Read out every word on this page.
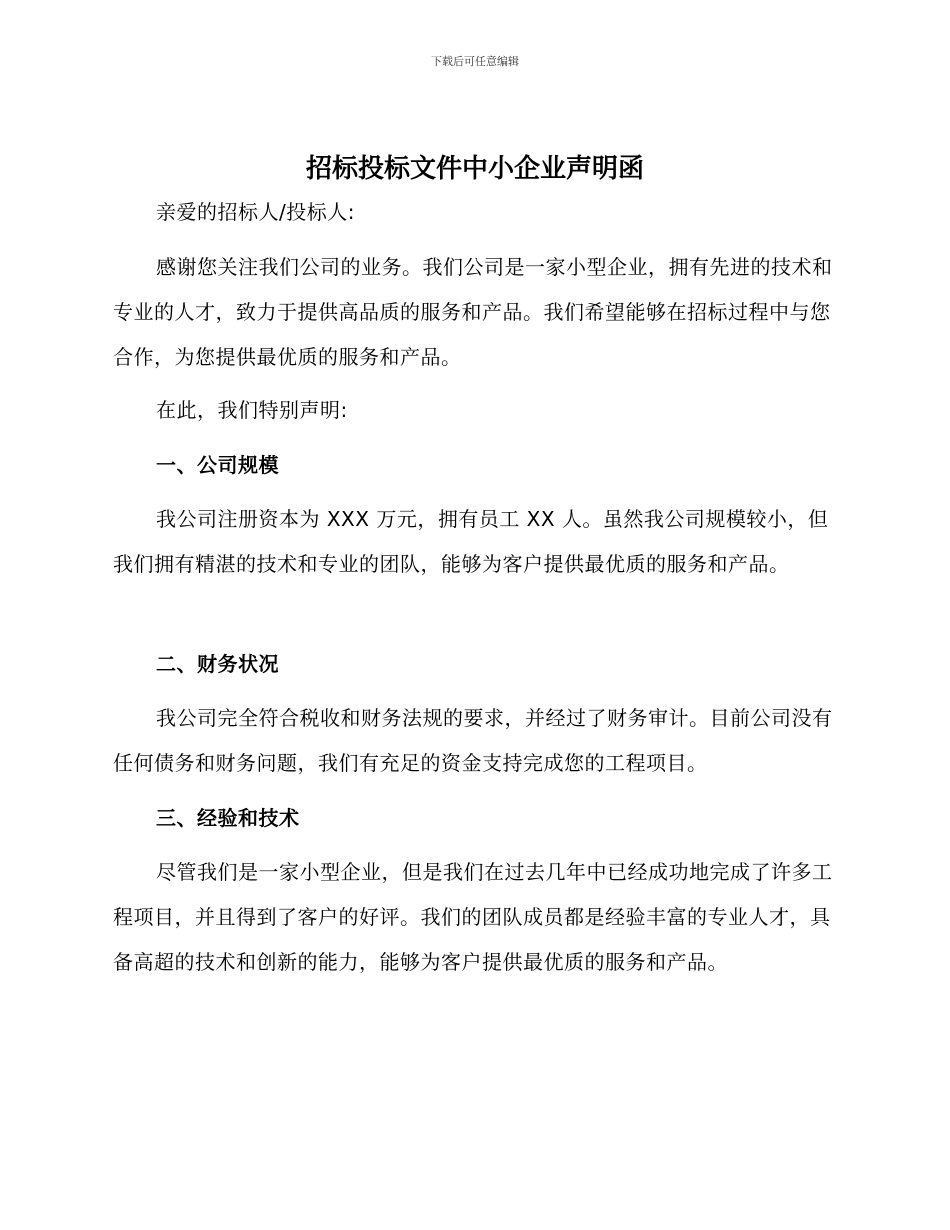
下载后可任意编辑
招标投标文件中小企业声明函

亲爱的招标人/投标人:

感谢您关注我们公司的业务。我们公司是一家小型企业，拥有先进的技术和专业的人才，致力于提供高品质的服务和产品。我们希望能够在招标过程中与您合作，为您提供最优质的服务和产品。

在此，我们特别声明:

一、公司规模

我公司注册资本为 XXX 万元，拥有员工 XX 人。虽然我公司规模较小，但我们拥有精湛的技术和专业的团队，能够为客户提供最优质的服务和产品。

二、财务状况

我公司完全符合税收和财务法规的要求，并经过了财务审计。目前公司没有任何债务和财务问题，我们有充足的资金支持完成您的工程项目。

三、经验和技术

尽管我们是一家小型企业，但是我们在过去几年中已经成功地完成了许多工程项目，并且得到了客户的好评。我们的团队成员都是经验丰富的专业人才，具备高超的技术和创新的能力，能够为客户提供最优质的服务和产品。
